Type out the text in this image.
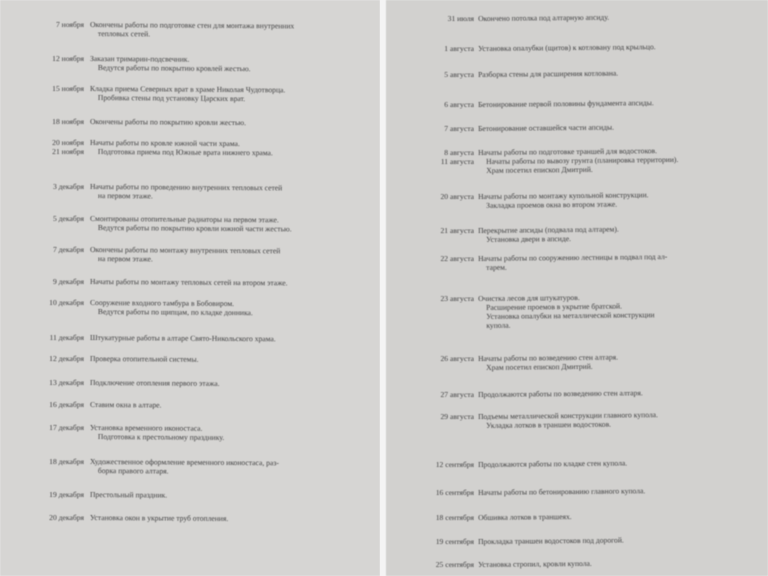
7 ноября Окончены работы по подготовке стен для монтажа внутренних
тепловых сетей.
12 ноября Заказан тримарин-подсвечник.
Ведутся работы по покрытию кровлей жестью.
15 ноября Кладка приема Северных врат в храме Николая Чудотворца.
Пробивка стены под установку Царских врат.
18 ноября Окончены работы по покрытию кровли жестью.
20 ноября
21 ноября
Начаты работы по кровле южной части храма.
Подготовка приема под Южные врата нижнего храма.
3 декабря Начаты работы по проведению внутренних тепловых сетей
на первом этаже.
5 декабря Смонтированы отопительные радиаторы на первом этаже.
Ведутся работы по покрытию кровли южной части жестью.
7 декабря Окончены работы по монтажу внутренних тепловых сетей
на первом этаже.
9 декабря Начаты работы по монтажу тепловых сетей на втором этаже.
10 декабря Сооружение входного тамбура в Бобовиром.
Ведутся работы по щипцам, по кладке донника.
11 декабря Штукатурные работы в алтаре Свято-Никольского храма.
12 декабря Проверка отопительной системы.
13 декабря Подключение отопления первого этажа.
16 декабря Ставим окна в алтаре.
17 декабря Установка временного иконостаса.
Подготовка к престольному празднику.
18 декабря Художественное оформление временного иконостаса, раз-
борка правого алтаря.
19 декабря Престольный праздник.
20 декабря Установка окон в укрытие труб отопления.
31 июля Окончено потолка под алтарную апсиду.
1 августа Установка опалубки (щитов) к котловану под крыльцо.
5 августа Разборка стены для расширения котлована.
6 августа Бетонирование первой половины фундамента апсиды.
7 августа Бетонирование оставшейся части апсиды.
8 августа
11 августа
Начаты работы по подготовке траншей для водостоков.
Начаты работы по вывозу грунта (планировка территории).
Храм посетил епископ Дмитрий.
20 августа Начаты работы по монтажу купольной конструкции.
Закладка проемов окна во втором этаже.
21 августа Перекрытие апсиды (подвала под алтарем).
Установка двери в апсиде.
22 августа Начаты работы по сооружению лестницы в подвал под ал-
тарем.
23 августа Очистка лесов для штукатуров.
Расширение проемов в укрытие братской.
Установка опалубки на металлической конструкции
купола.
26 августа Начаты работы по возведению стен алтаря.
Храм посетил епископ Дмитрий.
27 августа Продолжаются работы по возведению стен алтаря.
29 августа Подъемы металлической конструкции главного купола.
Укладка лотков в траншеи водостоков.
12 сентября Продолжаются работы по кладке стен купола.
16 сентября Начаты работы по бетонированию главного купола.
18 сентября Обшивка лотков в траншеях.
19 сентября Прокладка траншеи водостоков под дорогой.
25 сентября Установка стропил, кровли купола.
